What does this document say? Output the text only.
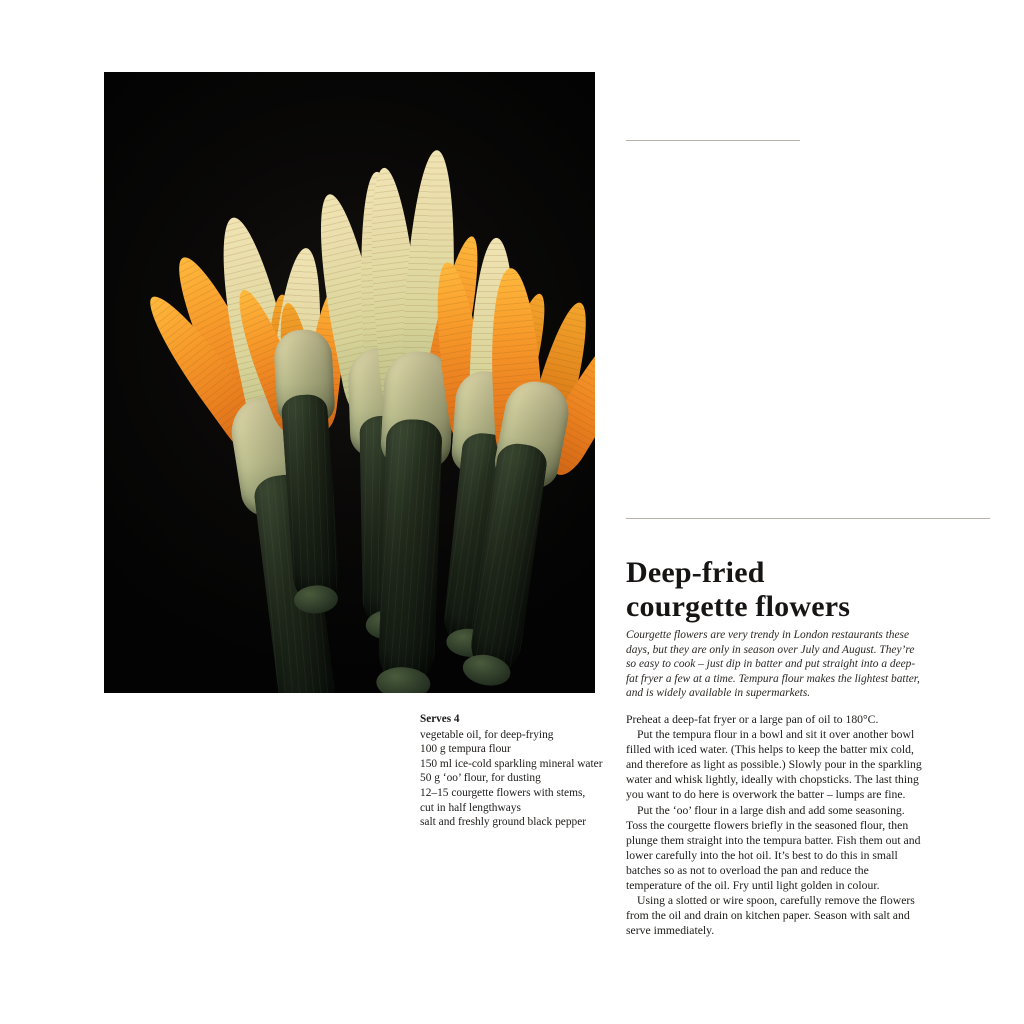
Deep-fried
courgette flowers
Courgette flowers are very trendy in London restaurants these days, but they are only in season over July and August. They’re so easy to cook – just dip in batter and put straight into a deep-fat fryer a few at a time. Tempura flour makes the lightest batter, and is widely available in supermarkets.

Preheat a deep-fat fryer or a large pan of oil to 180°C.

Put the tempura flour in a bowl and sit it over another bowl filled with iced water. (This helps to keep the batter mix cold, and therefore as light as possible.) Slowly pour in the sparkling water and whisk lightly, ideally with chopsticks. The last thing you want to do here is overwork the batter – lumps are fine.

Put the ‘oo’ flour in a large dish and add some seasoning. Toss the courgette flowers briefly in the seasoned flour, then plunge them straight into the tempura batter. Fish them out and lower carefully into the hot oil. It’s best to do this in small batches so as not to overload the pan and reduce the temperature of the oil. Fry until light golden in colour.

Using a slotted or wire spoon, carefully remove the flowers from the oil and drain on kitchen paper. Season with salt and serve immediately.

Serves 4
vegetable oil, for deep-frying
100 g tempura flour
150 ml ice-cold sparkling mineral water
50 g ‘oo’ flour, for dusting
12–15 courgette flowers with stems,
cut in half lengthways
salt and freshly ground black pepper
